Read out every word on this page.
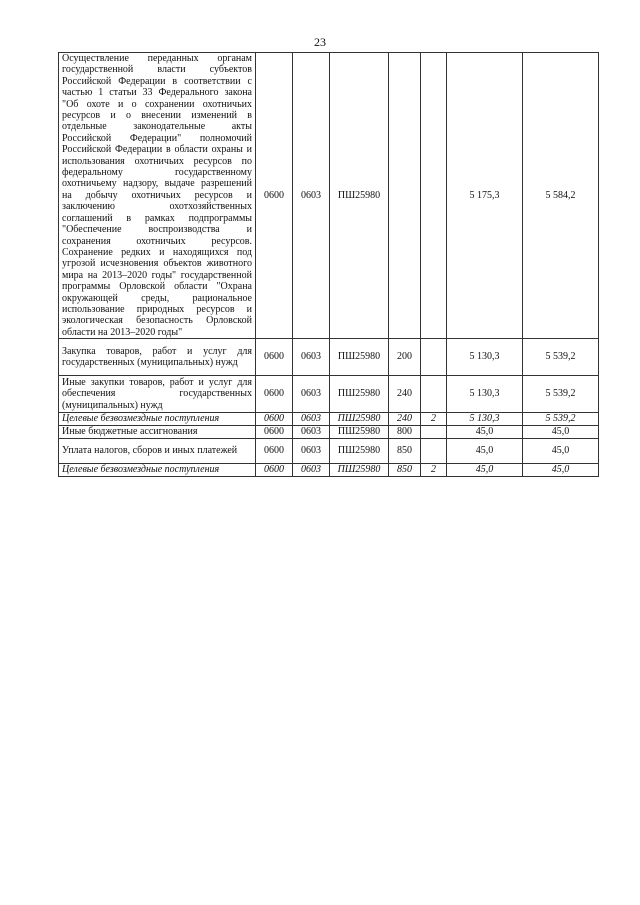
23
Осуществление переданных органам государственной власти субъектов Российской Федерации в соответствии с частью 1 статьи 33 Федерального закона "Об охоте и о сохранении охотничьих ресурсов и о внесении изменений в отдельные законодательные акты Российской Федерации" полномочий Российской Федерации в области охраны и использования охотничьих ресурсов по федеральному государственному охотничьему надзору, выдаче разрешений на добычу охотничьих ресурсов и заключению охотхозяйственных соглашений в рамках подпрограммы "Обеспечение воспроизводства и сохранения охотничьих ресурсов. Сохранение редких и находящихся под угрозой исчезновения объектов животного мира на 2013–2020 годы" государственной программы Орловской области "Охрана окружающей среды, рациональное использование природных ресурсов и экологическая безопасность Орловской области на 2013–2020 годы"	0600	0603	ПШ25980			5 175,3	5 584,2
Закупка товаров, работ и услуг для государственных (муниципальных) нужд	0600	0603	ПШ25980	200		5 130,3	5 539,2
Иные закупки товаров, работ и услуг для обеспечения государственных (муниципальных) нужд	0600	0603	ПШ25980	240		5 130,3	5 539,2
Целевые безвозмездные поступления	0600	0603	ПШ25980	240	2	5 130,3	5 539,2
Иные бюджетные ассигнования	0600	0603	ПШ25980	800		45,0	45,0
Уплата налогов, сборов и иных платежей	0600	0603	ПШ25980	850		45,0	45,0
Целевые безвозмездные поступления	0600	0603	ПШ25980	850	2	45,0	45,0
